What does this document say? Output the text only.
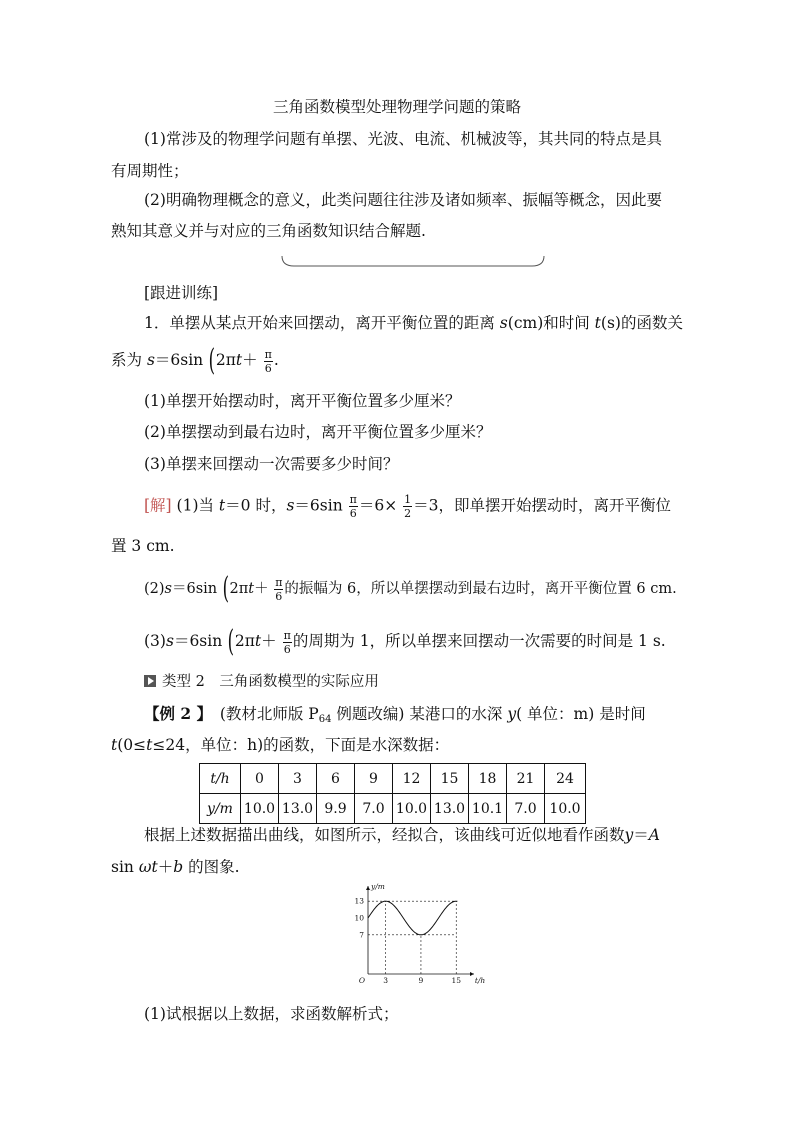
三角函数模型处理物理学问题的策略
(1)常涉及的物理学问题有单摆、光波、电流、机械波等，其共同的特点是具
有周期性；
(2)明确物理概念的意义，此类问题往往涉及诸如频率、振幅等概念，因此要
熟知其意义并与对应的三角函数知识结合解题.
[跟进训练]
1．单摆从某点开始来回摆动，离开平衡位置的距离 s(cm)和时间 t(s)的函数关
系为 s＝6sin ($2\pi t+ \frac{\pi}{6}$ .
(1)单摆开始摆动时，离开平衡位置多少厘米？
(2)单摆摆动到最右边时，离开平衡位置多少厘米？
(3)单摆来回摆动一次需要多少时间？
[解] (1)当 t＝0 时，$s=6\sin \frac{\pi}{6} =6\times \frac{1}{2} =3$，即单摆开始摆动时，离开平衡位
置 3 cm.
(2)s＝6sin ($2\pi t+ \frac{\pi}{6}$ 的振幅为 6，所以单摆摆动到最右边时，离开平衡位置 6 cm.
(3)s＝6sin ($2\pi t+ \frac{\pi}{6}$ 的周期为 1，所以单摆来回摆动一次需要的时间是 1 s.
类型 2　三角函数模型的实际应用
【例 2 】　(教材北师版 $P_{64}$ 例题改编) 某港口的水深 y( 单位：m) 是时间
t(0≤t≤24，单位：h)的函数，下面是水深数据：
t/h	0	3	6	9	12	15	18	21	24
y/m	10.0	13.0	9.9	7.0	10.0	13.0	10.1	7.0	10.0
根据上述数据描出曲线，如图所示，经拟合，该曲线可近似地看作函数y＝A
sin ωt＋b 的图象.
O 3	9	15
13
10
7
t/h
y/m
(1)试根据以上数据，求函数解析式；
